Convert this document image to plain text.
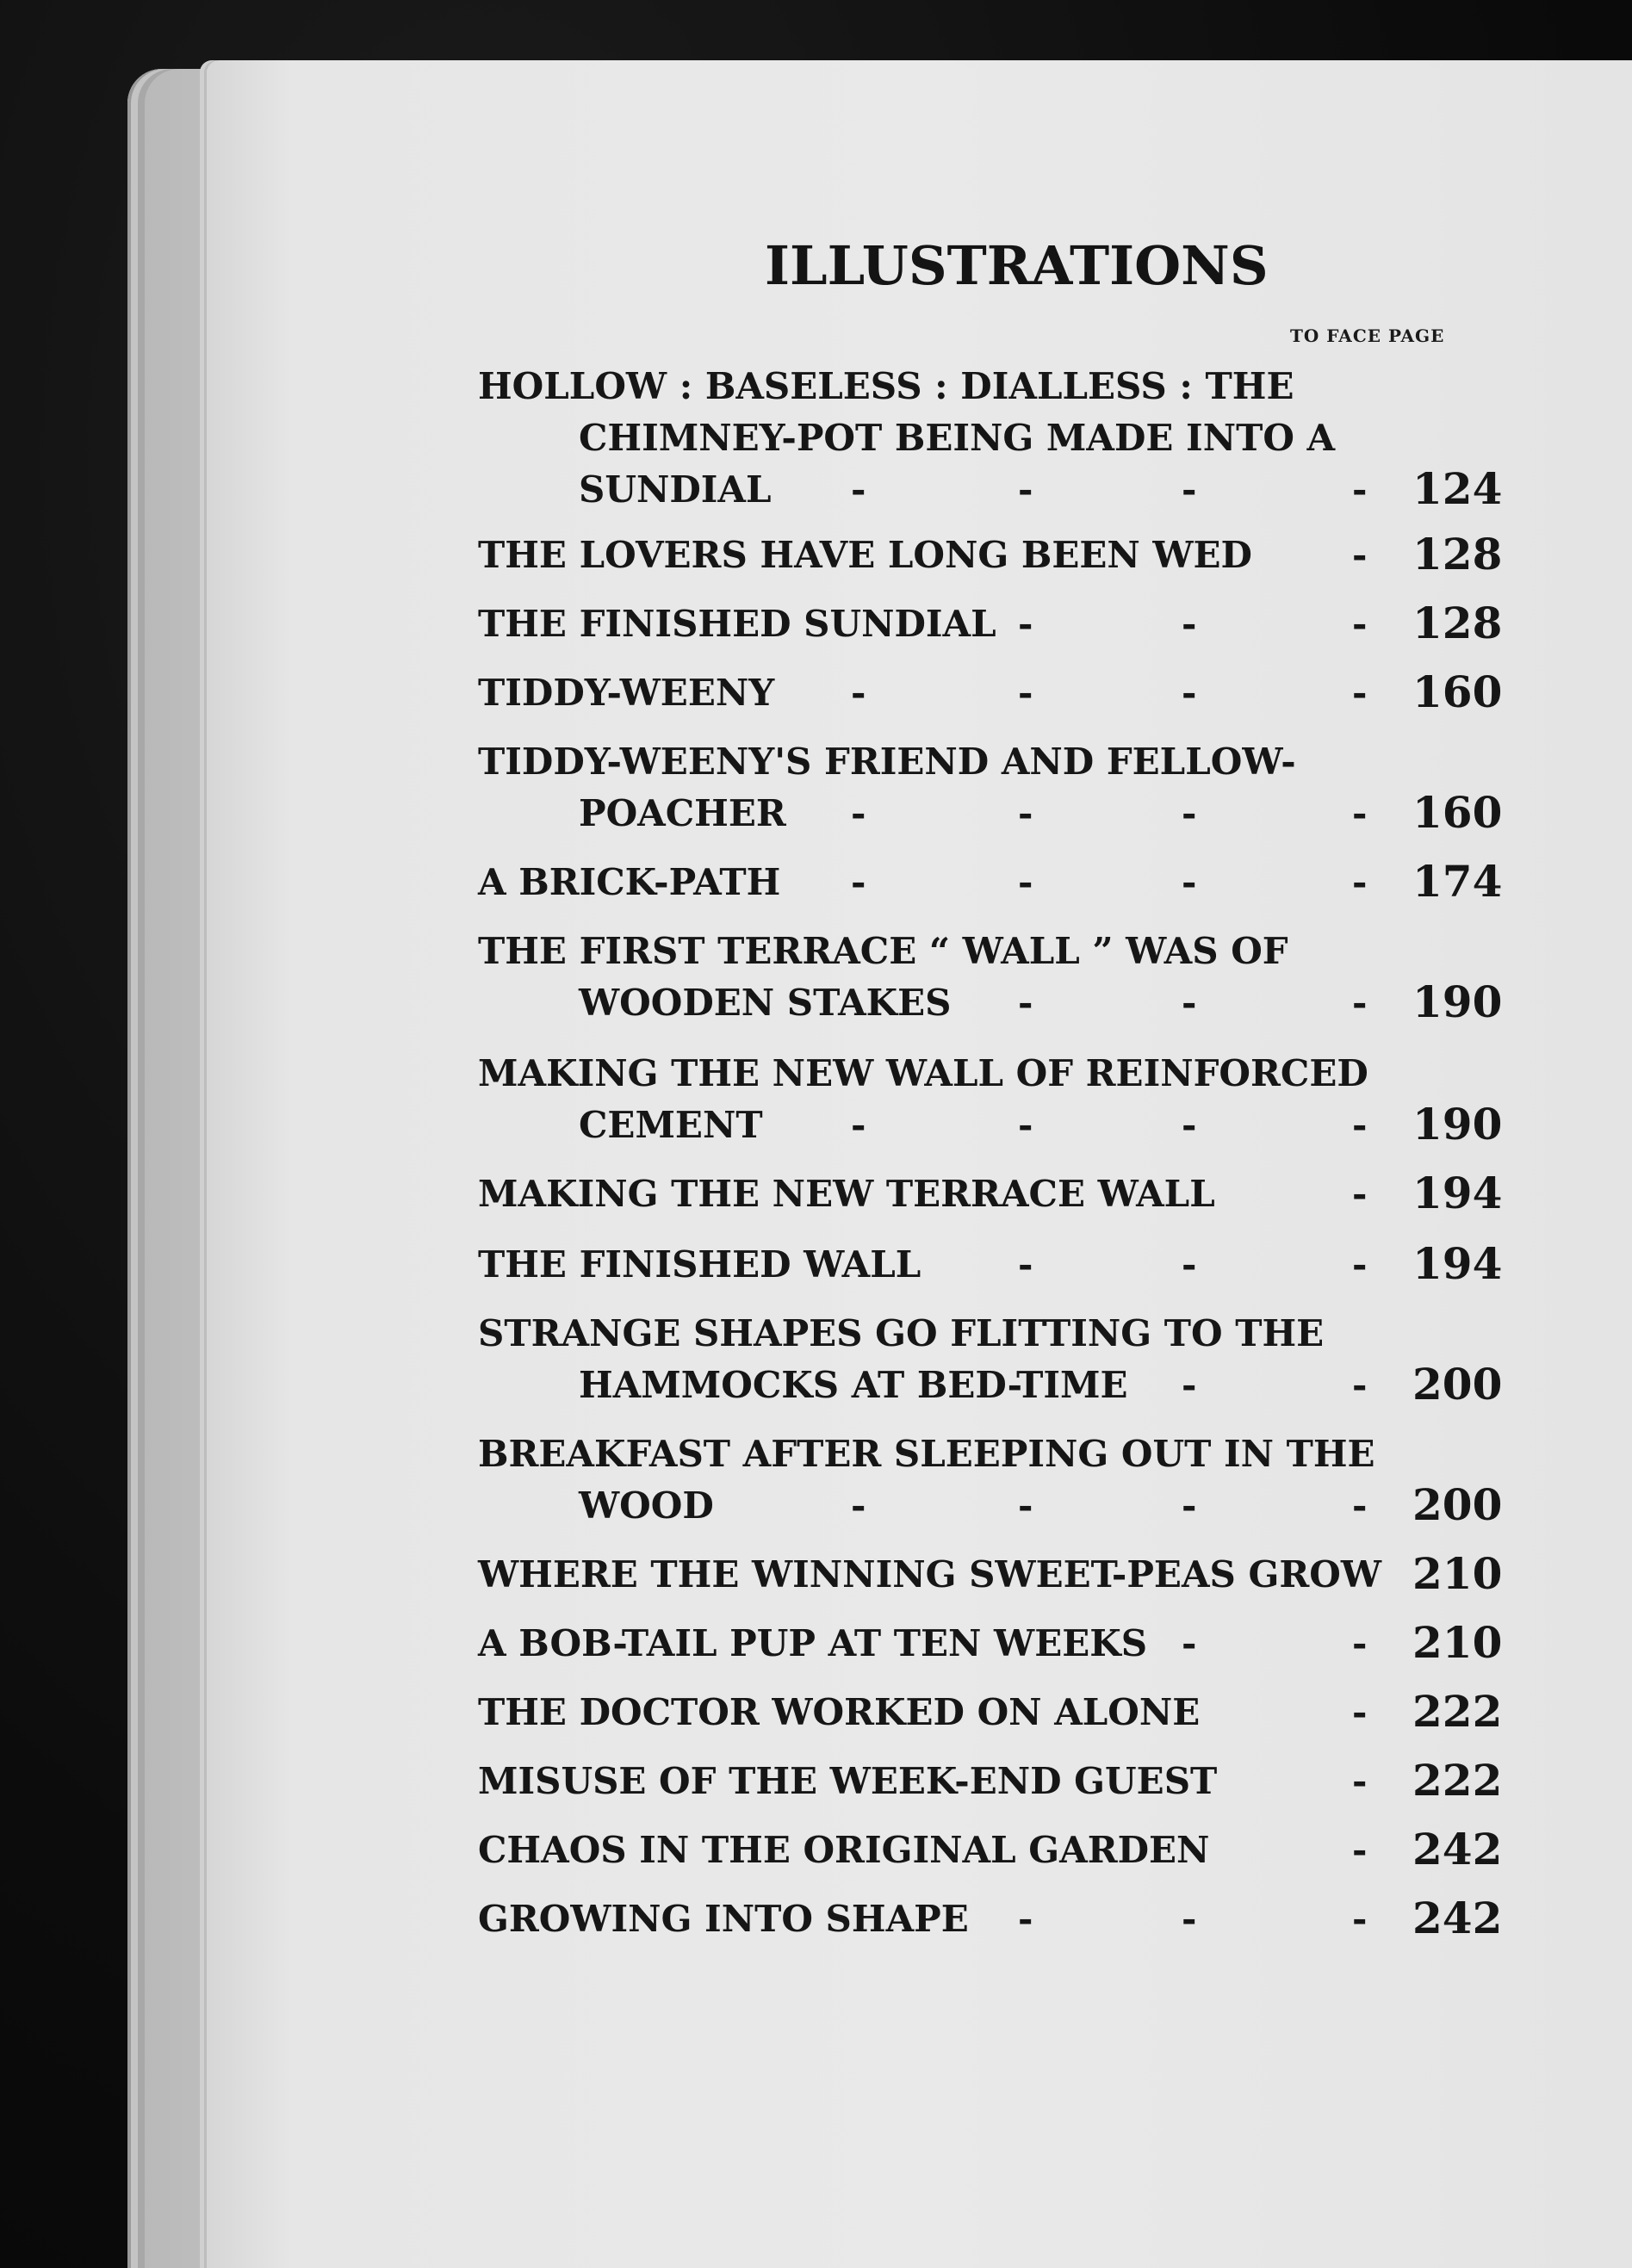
ILLUSTRATIONS
TO FACE PAGE
HOLLOW : BASELESS : DIALLESS : THE
CHIMNEY-POT BEING MADE INTO A
SUNDIAL -	-	-	- 124
THE LOVERS HAVE LONG BEEN WED	- 128
THE FINISHED SUNDIAL -	-	- 128
TIDDY-WEENY -	-	-	- 160
TIDDY-WEENY'S FRIEND AND FELLOW-
POACHER -	-	-	- 160
A BRICK-PATH -	-	-	- 174
THE FIRST TERRACE “ WALL ” WAS OF
WOODEN STAKES -	-	- 190
MAKING THE NEW WALL OF REINFORCED
CEMENT -	-	-	- 190
MAKING THE NEW TERRACE WALL	- 194
THE FINISHED WALL	-	-	- 194
STRANGE SHAPES GO FLITTING TO THE
HAMMOCKS AT BED-TIME -	- 200
BREAKFAST AFTER SLEEPING OUT IN THE
WOOD	-	-	-	- 200
WHERE THE WINNING SWEET-PEAS GROW 210
A BOB-TAIL PUP AT TEN WEEKS -	- 210
THE DOCTOR WORKED ON ALONE	- 222
MISUSE OF THE WEEK-END GUEST	- 222
CHAOS IN THE ORIGINAL GARDEN	- 242
GROWING INTO SHAPE -	-	- 242
